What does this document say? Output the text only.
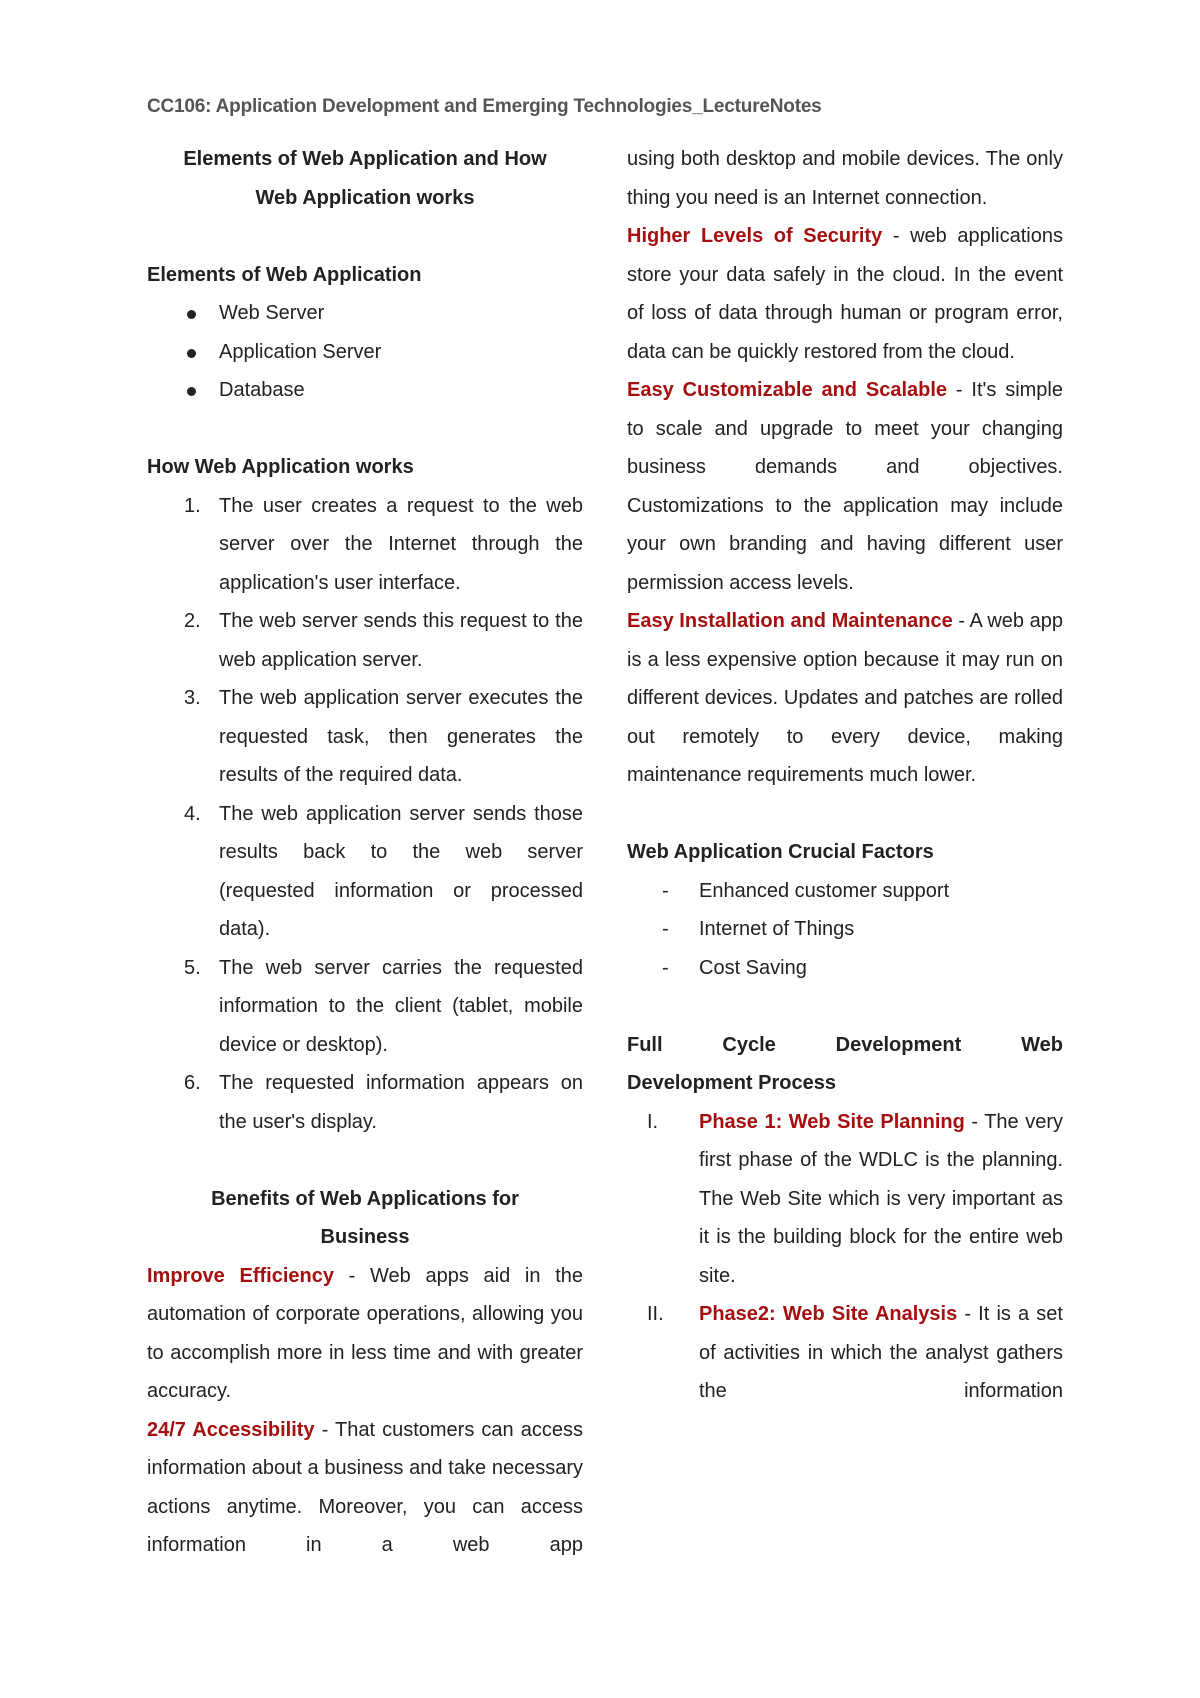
CC106: Application Development and Emerging Technologies_LectureNotes

Elements of Web Application and How

Web Application works

Elements of Web Application

Web Server
Application Server
Database

How Web Application works

1. The user creates a request to the web server over the Internet through the application's user interface.
2. The web server sends this request to the web application server.
3. The web application server executes the requested task, then generates the results of the required data.
4. The web application server sends those results back to the web server (requested information or processed data).
5. The web server carries the requested information to the client (tablet, mobile device or desktop).
6. The requested information appears on the user's display.

Benefits of Web Applications for

Business

Improve Efficiency - Web apps aid in the automation of corporate operations, allowing you to accomplish more in less time and with greater accuracy.

24/7 Accessibility - That customers can access information about a business and take necessary actions anytime. Moreover, you can access information in a web app

using both desktop and mobile devices. The only thing you need is an Internet connection.

Higher Levels of Security - web applications store your data safely in the cloud. In the event of loss of data through human or program error, data can be quickly restored from the cloud.

Easy Customizable and Scalable - It's simple to scale and upgrade to meet your changing business demands and objectives. Customizations to the application may include your own branding and having different user permission access levels.

Easy Installation and Maintenance - A web app is a less expensive option because it may run on different devices. Updates and patches are rolled out remotely to every device, making maintenance requirements much lower.

Web Application Crucial Factors

- Enhanced customer support
- Internet of Things
- Cost Saving

Full Cycle Development Web

Development Process

I. Phase 1: Web Site Planning - The very first phase of the WDLC is the planning. The Web Site which is very important as it is the building block for the entire web site.
II. Phase2: Web Site Analysis - It is a set of activities in which the analyst gathers the information
